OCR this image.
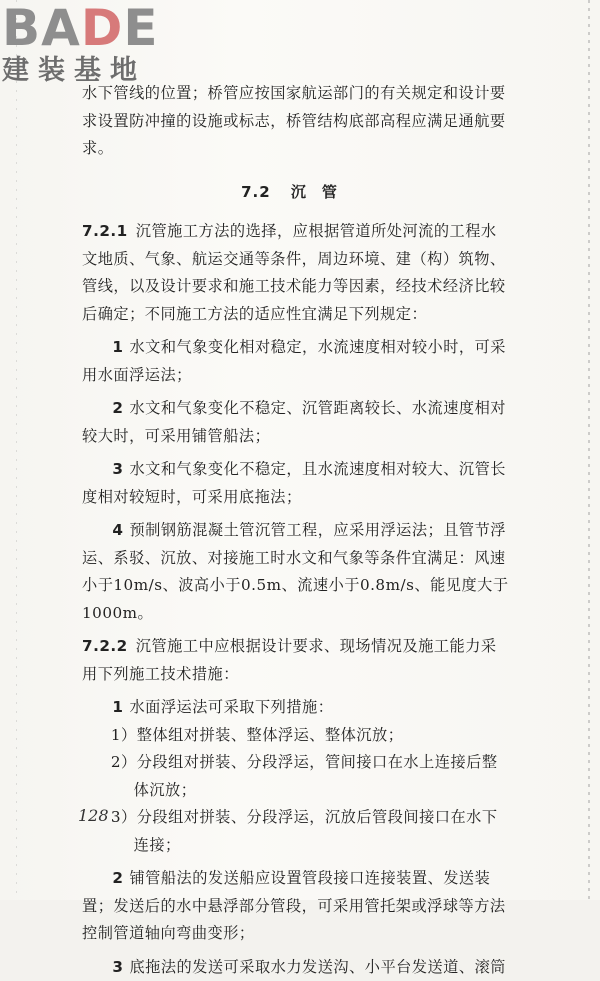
BADE
建装基地

水下管线的位置；桥管应按国家航运部门的有关规定和设计要求设置防冲撞的设施或标志，桥管结构底部高程应满足通航要求。

7.2 沉管

7.2.1 沉管施工方法的选择，应根据管道所处河流的工程水文地质、气象、航运交通等条件，周边环境、建（构）筑物、管线，以及设计要求和施工技术能力等因素，经技术经济比较后确定；不同施工方法的适应性宜满足下列规定：

1 水文和气象变化相对稳定，水流速度相对较小时，可采用水面浮运法；

2 水文和气象变化不稳定、沉管距离较长、水流速度相对较大时，可采用铺管船法；

3 水文和气象变化不稳定，且水流速度相对较大、沉管长度相对较短时，可采用底拖法；

4 预制钢筋混凝土管沉管工程，应采用浮运法；且管节浮运、系驳、沉放、对接施工时水文和气象等条件宜满足：风速小于10m/s、波高小于0.5m、流速小于0.8m/s、能见度大于1000m。

7.2.2 沉管施工中应根据设计要求、现场情况及施工能力采用下列施工技术措施：

1 水面浮运法可采取下列措施：

1）整体组对拼装、整体浮运、整体沉放；

2）分段组对拼装、分段浮运，管间接口在水上连接后整体沉放；

3）分段组对拼装、分段浮运，沉放后管段间接口在水下连接；

2 铺管船法的发送船应设置管段接口连接装置、发送装置；发送后的水中悬浮部分管段，可采用管托架或浮球等方法控制管道轴向弯曲变形；

3 底拖法的发送可采取水力发送沟、小平台发送道、滚筒

128
